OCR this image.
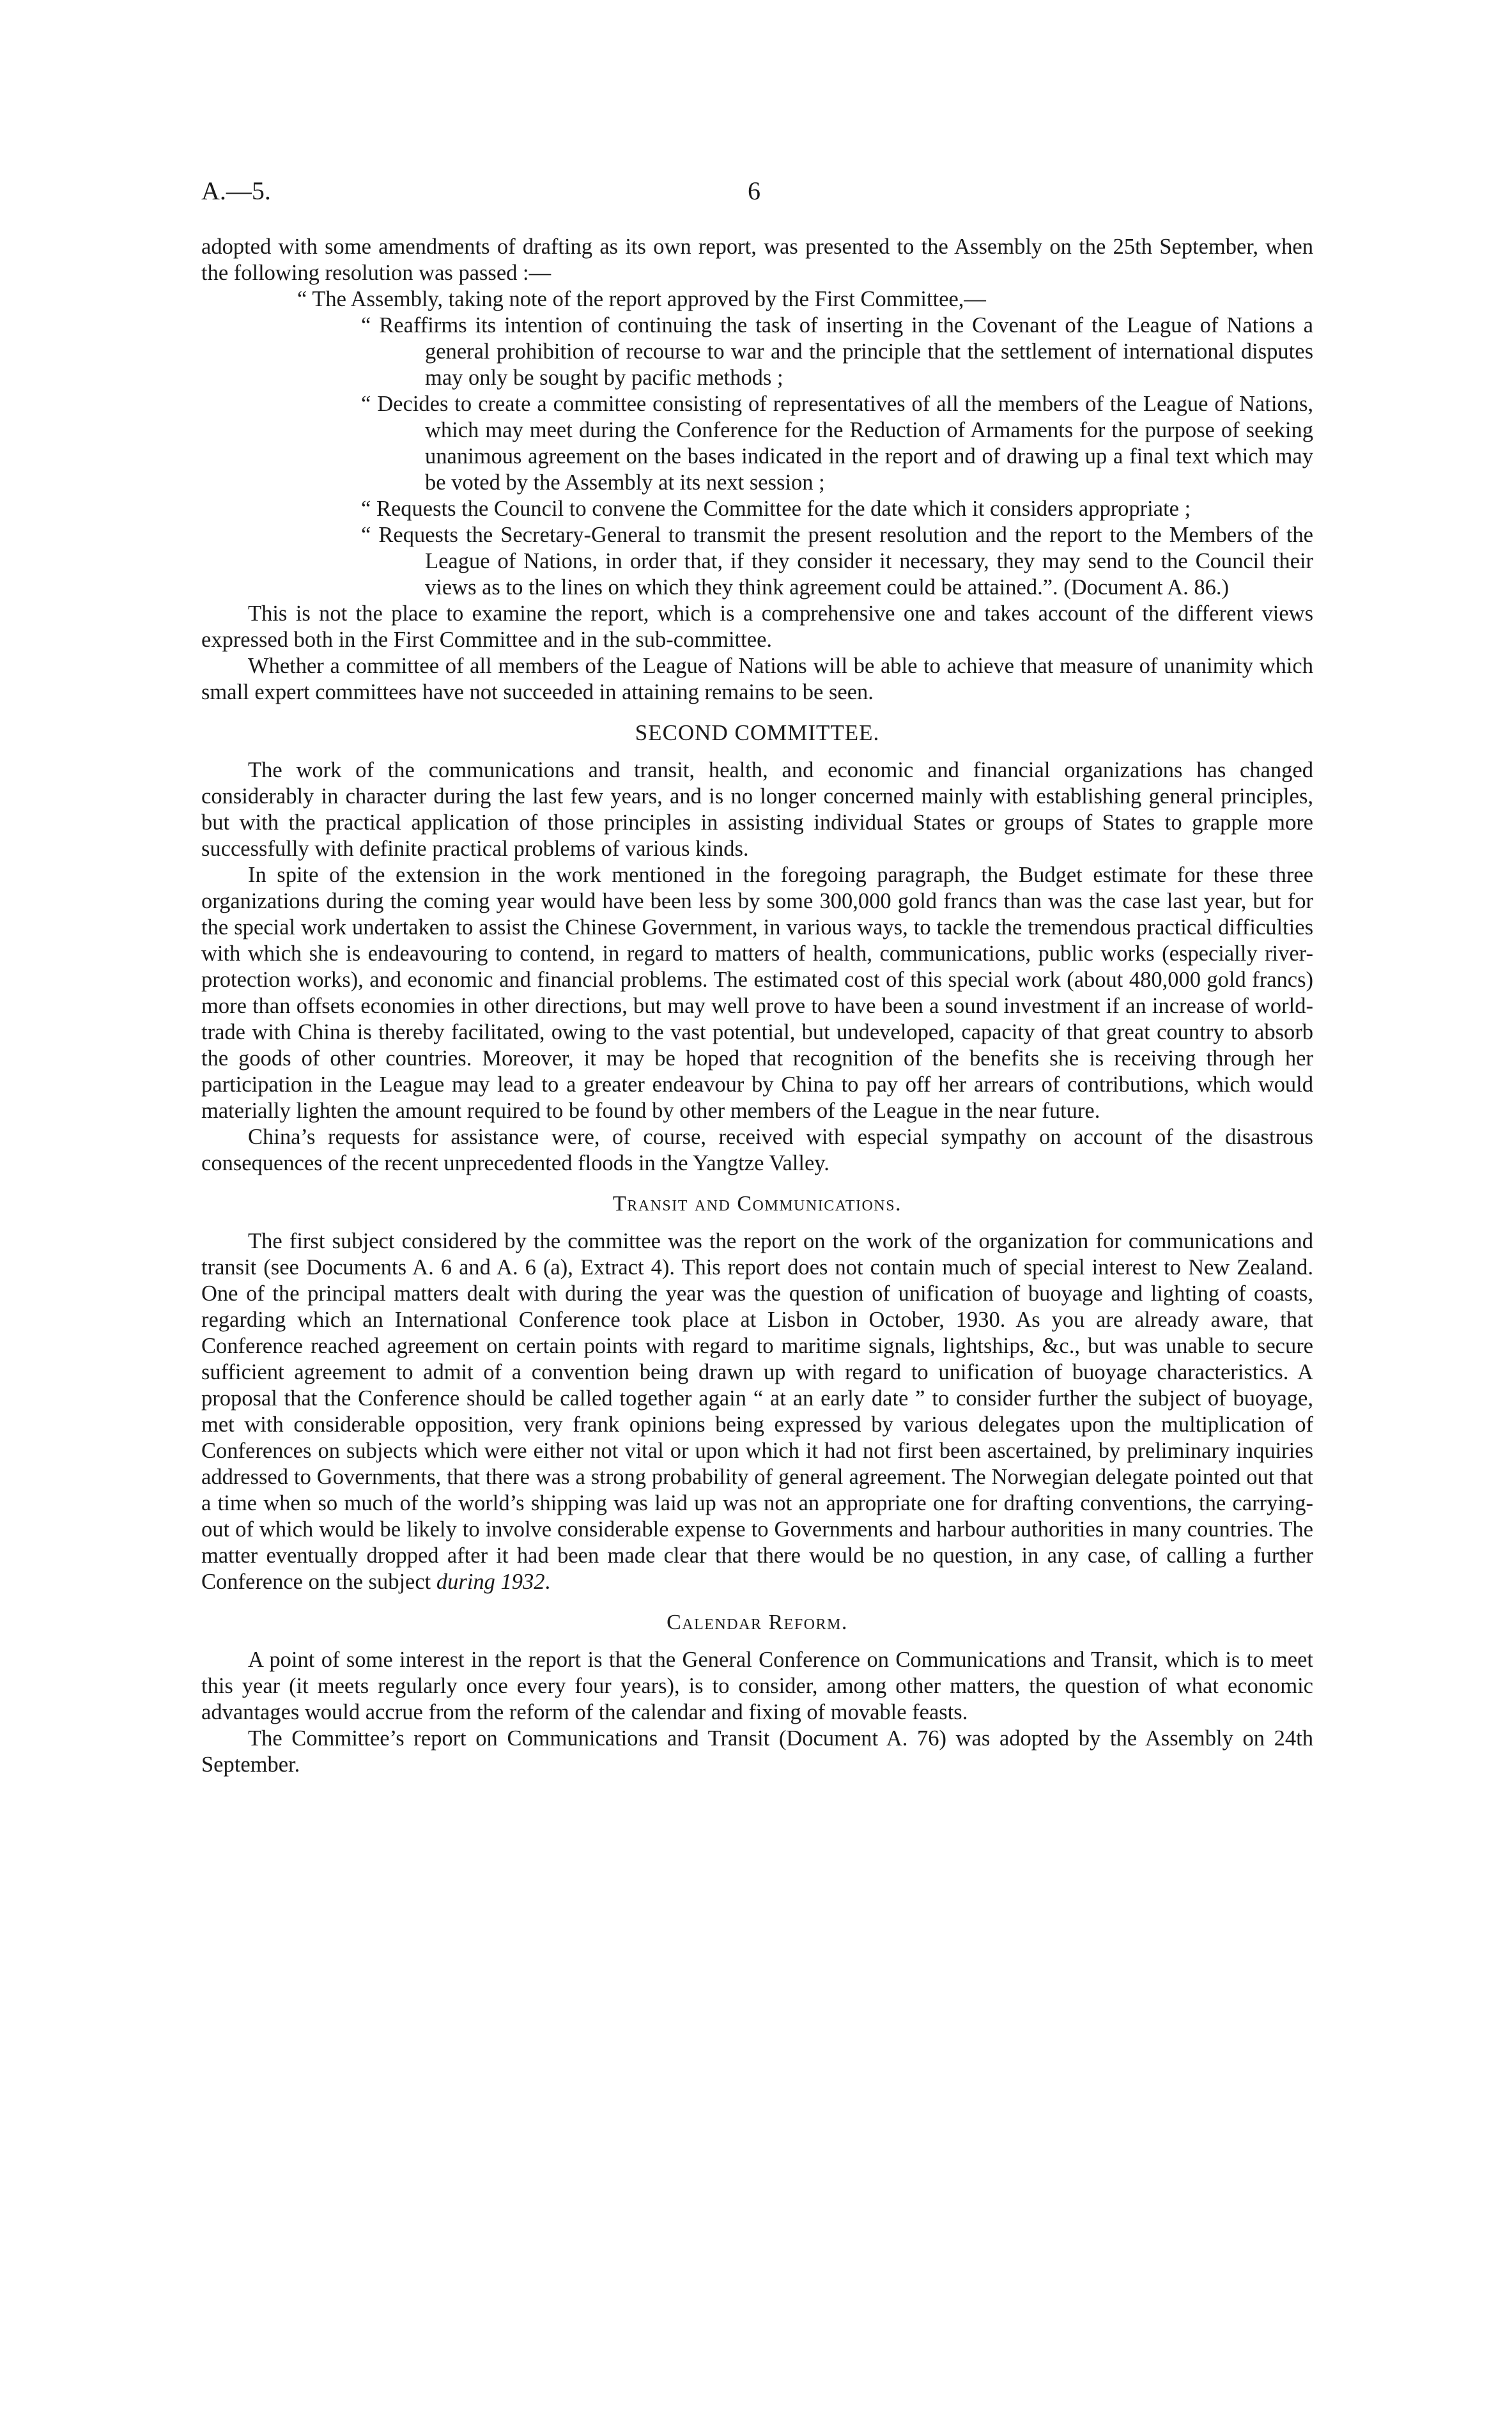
A.—5.	6

adopted with some amendments of drafting as its own report, was presented to the Assembly on the 25th September, when the following resolution was passed :—

“ The Assembly, taking note of the report approved by the First Committee,—

“ Reaffirms its intention of continuing the task of inserting in the Covenant of the League of Nations a general prohibition of recourse to war and the principle that the settlement of international disputes may only be sought by pacific methods ;

“ Decides to create a committee consisting of representatives of all the members of the League of Nations, which may meet during the Conference for the Reduction of Armaments for the purpose of seeking unanimous agreement on the bases indicated in the report and of drawing up a final text which may be voted by the Assembly at its next session ;

“ Requests the Council to convene the Committee for the date which it considers appropriate ;

“ Requests the Secretary-General to transmit the present resolution and the report to the Members of the League of Nations, in order that, if they consider it necessary, they may send to the Council their views as to the lines on which they think agreement could be attained.”. (Document A. 86.)

This is not the place to examine the report, which is a comprehensive one and takes account of the different views expressed both in the First Committee and in the sub-committee.

Whether a committee of all members of the League of Nations will be able to achieve that measure of unanimity which small expert committees have not succeeded in attaining remains to be seen.

SECOND COMMITTEE.

The work of the communications and transit, health, and economic and financial organizations has changed considerably in character during the last few years, and is no longer concerned mainly with establishing general principles, but with the practical application of those principles in assisting individual States or groups of States to grapple more successfully with definite practical problems of various kinds.

In spite of the extension in the work mentioned in the foregoing paragraph, the Budget estimate for these three organizations during the coming year would have been less by some 300,000 gold francs than was the case last year, but for the special work undertaken to assist the Chinese Government, in various ways, to tackle the tremendous practical difficulties with which she is endeavouring to contend, in regard to matters of health, communications, public works (especially river-protection works), and economic and financial problems. The estimated cost of this special work (about 480,000 gold francs) more than offsets economies in other directions, but may well prove to have been a sound investment if an increase of world-trade with China is thereby facilitated, owing to the vast potential, but undeveloped, capacity of that great country to absorb the goods of other countries. Moreover, it may be hoped that recognition of the benefits she is receiving through her participation in the League may lead to a greater endeavour by China to pay off her arrears of contributions, which would materially lighten the amount required to be found by other members of the League in the near future.

China’s requests for assistance were, of course, received with especial sympathy on account of the disastrous consequences of the recent unprecedented floods in the Yangtze Valley.

Transit and Communications.

The first subject considered by the committee was the report on the work of the organization for communications and transit (see Documents A. 6 and A. 6 (a), Extract 4). This report does not contain much of special interest to New Zealand. One of the principal matters dealt with during the year was the question of unification of buoyage and lighting of coasts, regarding which an International Conference took place at Lisbon in October, 1930. As you are already aware, that Conference reached agreement on certain points with regard to maritime signals, lightships, &c., but was unable to secure sufficient agreement to admit of a convention being drawn up with regard to unification of buoyage characteristics. A proposal that the Conference should be called together again “ at an early date ” to consider further the subject of buoyage, met with considerable opposition, very frank opinions being expressed by various delegates upon the multiplication of Conferences on subjects which were either not vital or upon which it had not first been ascertained, by preliminary inquiries addressed to Governments, that there was a strong probability of general agreement. The Norwegian delegate pointed out that a time when so much of the world’s shipping was laid up was not an appropriate one for drafting conventions, the carrying-out of which would be likely to involve considerable expense to Governments and harbour authorities in many countries. The matter eventually dropped after it had been made clear that there would be no question, in any case, of calling a further Conference on the subject during 1932.

Calendar Reform.

A point of some interest in the report is that the General Conference on Communications and Transit, which is to meet this year (it meets regularly once every four years), is to consider, among other matters, the question of what economic advantages would accrue from the reform of the calendar and fixing of movable feasts.

The Committee’s report on Communications and Transit (Document A. 76) was adopted by the Assembly on 24th September.
